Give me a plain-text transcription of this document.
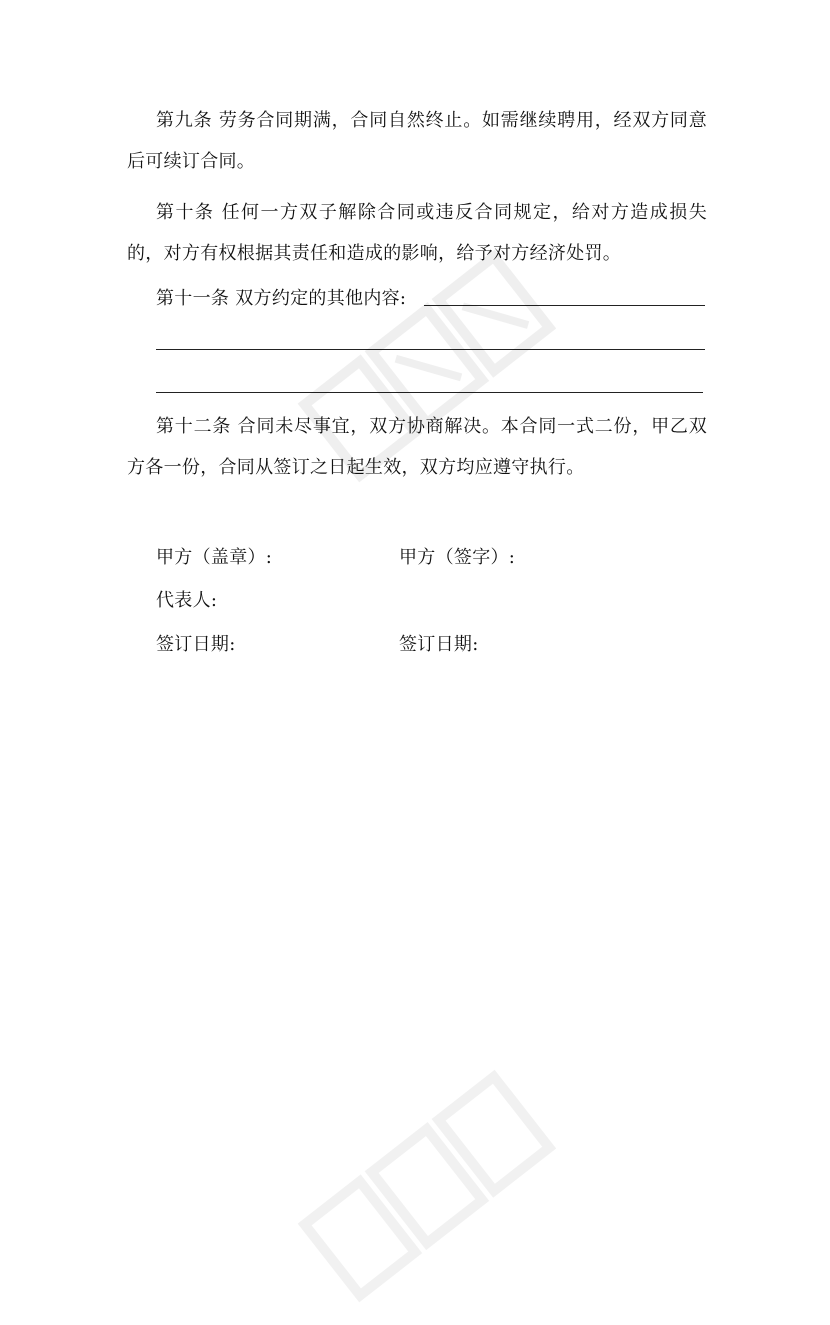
第九条 劳务合同期满，合同自然终止。如需继续聘用，经双方同意后可续订合同。

第十条 任何一方双子解除合同或违反合同规定，给对方造成损失的，对方有权根据其责任和造成的影响，给予对方经济处罚。

第十一条 双方约定的其他内容:

第十二条 合同未尽事宜，双方协商解决。本合同一式二份，甲乙双方各一份，合同从签订之日起生效，双方均应遵守执行。

甲方（盖章）:	甲方（签字）:
代表人:
签订日期:	签订日期:
